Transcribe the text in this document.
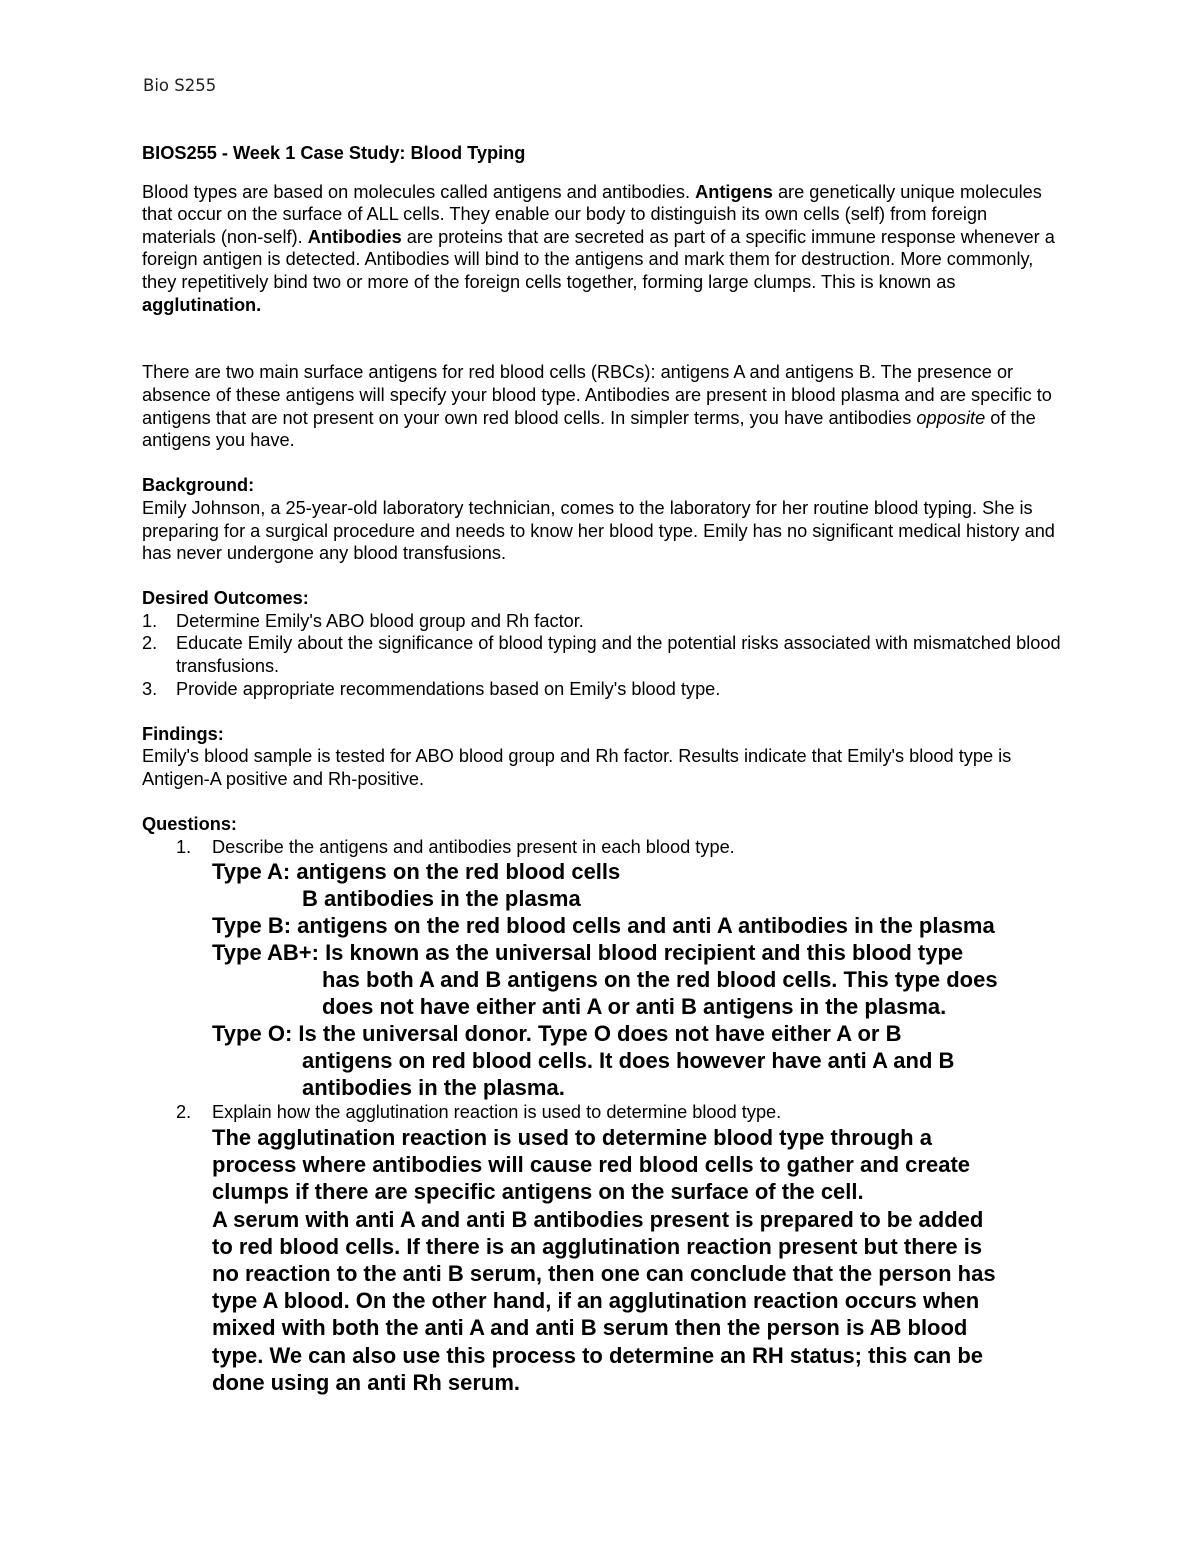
Bio S255

BIOS255 - Week 1 Case Study: Blood Typing

Blood types are based on molecules called antigens and antibodies. Antigens are genetically unique molecules that occur on the surface of ALL cells. They enable our body to distinguish its own cells (self) from foreign materials (non-self). Antibodies are proteins that are secreted as part of a specific immune response whenever a foreign antigen is detected. Antibodies will bind to the antigens and mark them for destruction. More commonly, they repetitively bind two or more of the foreign cells together, forming large clumps. This is known as agglutination.

There are two main surface antigens for red blood cells (RBCs): antigens A and antigens B. The presence or absence of these antigens will specify your blood type. Antibodies are present in blood plasma and are specific to antigens that are not present on your own red blood cells. In simpler terms, you have antibodies opposite of the antigens you have.

Background:
Emily Johnson, a 25-year-old laboratory technician, comes to the laboratory for her routine blood typing. She is preparing for a surgical procedure and needs to know her blood type. Emily has no significant medical history and has never undergone any blood transfusions.

Desired Outcomes:

1. Determine Emily's ABO blood group and Rh factor.
2. Educate Emily about the significance of blood typing and the potential risks associated with mismatched blood transfusions.
3. Provide appropriate recommendations based on Emily's blood type.

Findings:
Emily's blood sample is tested for ABO blood group and Rh factor. Results indicate that Emily's blood type is Antigen-A positive and Rh-positive.

Questions:

1. Describe the antigens and antibodies present in each blood type.
Type A: antigens on the red blood cells
B antibodies in the plasma
Type B: antigens on the red blood cells and anti A antibodies in the plasma
Type AB+: Is known as the universal blood recipient and this blood type
has both A and B antigens on the red blood cells. This type does
does not have either anti A or anti B antigens in the plasma.
Type O: Is the universal donor. Type O does not have either A or B
antigens on red blood cells. It does however have anti A and B
antibodies in the plasma.
2. Explain how the agglutination reaction is used to determine blood type.
The agglutination reaction is used to determine blood type through a
process where antibodies will cause red blood cells to gather and create
clumps if there are specific antigens on the surface of the cell.
A serum with anti A and anti B antibodies present is prepared to be added
to red blood cells. If there is an agglutination reaction present but there is
no reaction to the anti B serum, then one can conclude that the person has
type A blood. On the other hand, if an agglutination reaction occurs when
mixed with both the anti A and anti B serum then the person is AB blood
type. We can also use this process to determine an RH status; this can be
done using an anti Rh serum.
